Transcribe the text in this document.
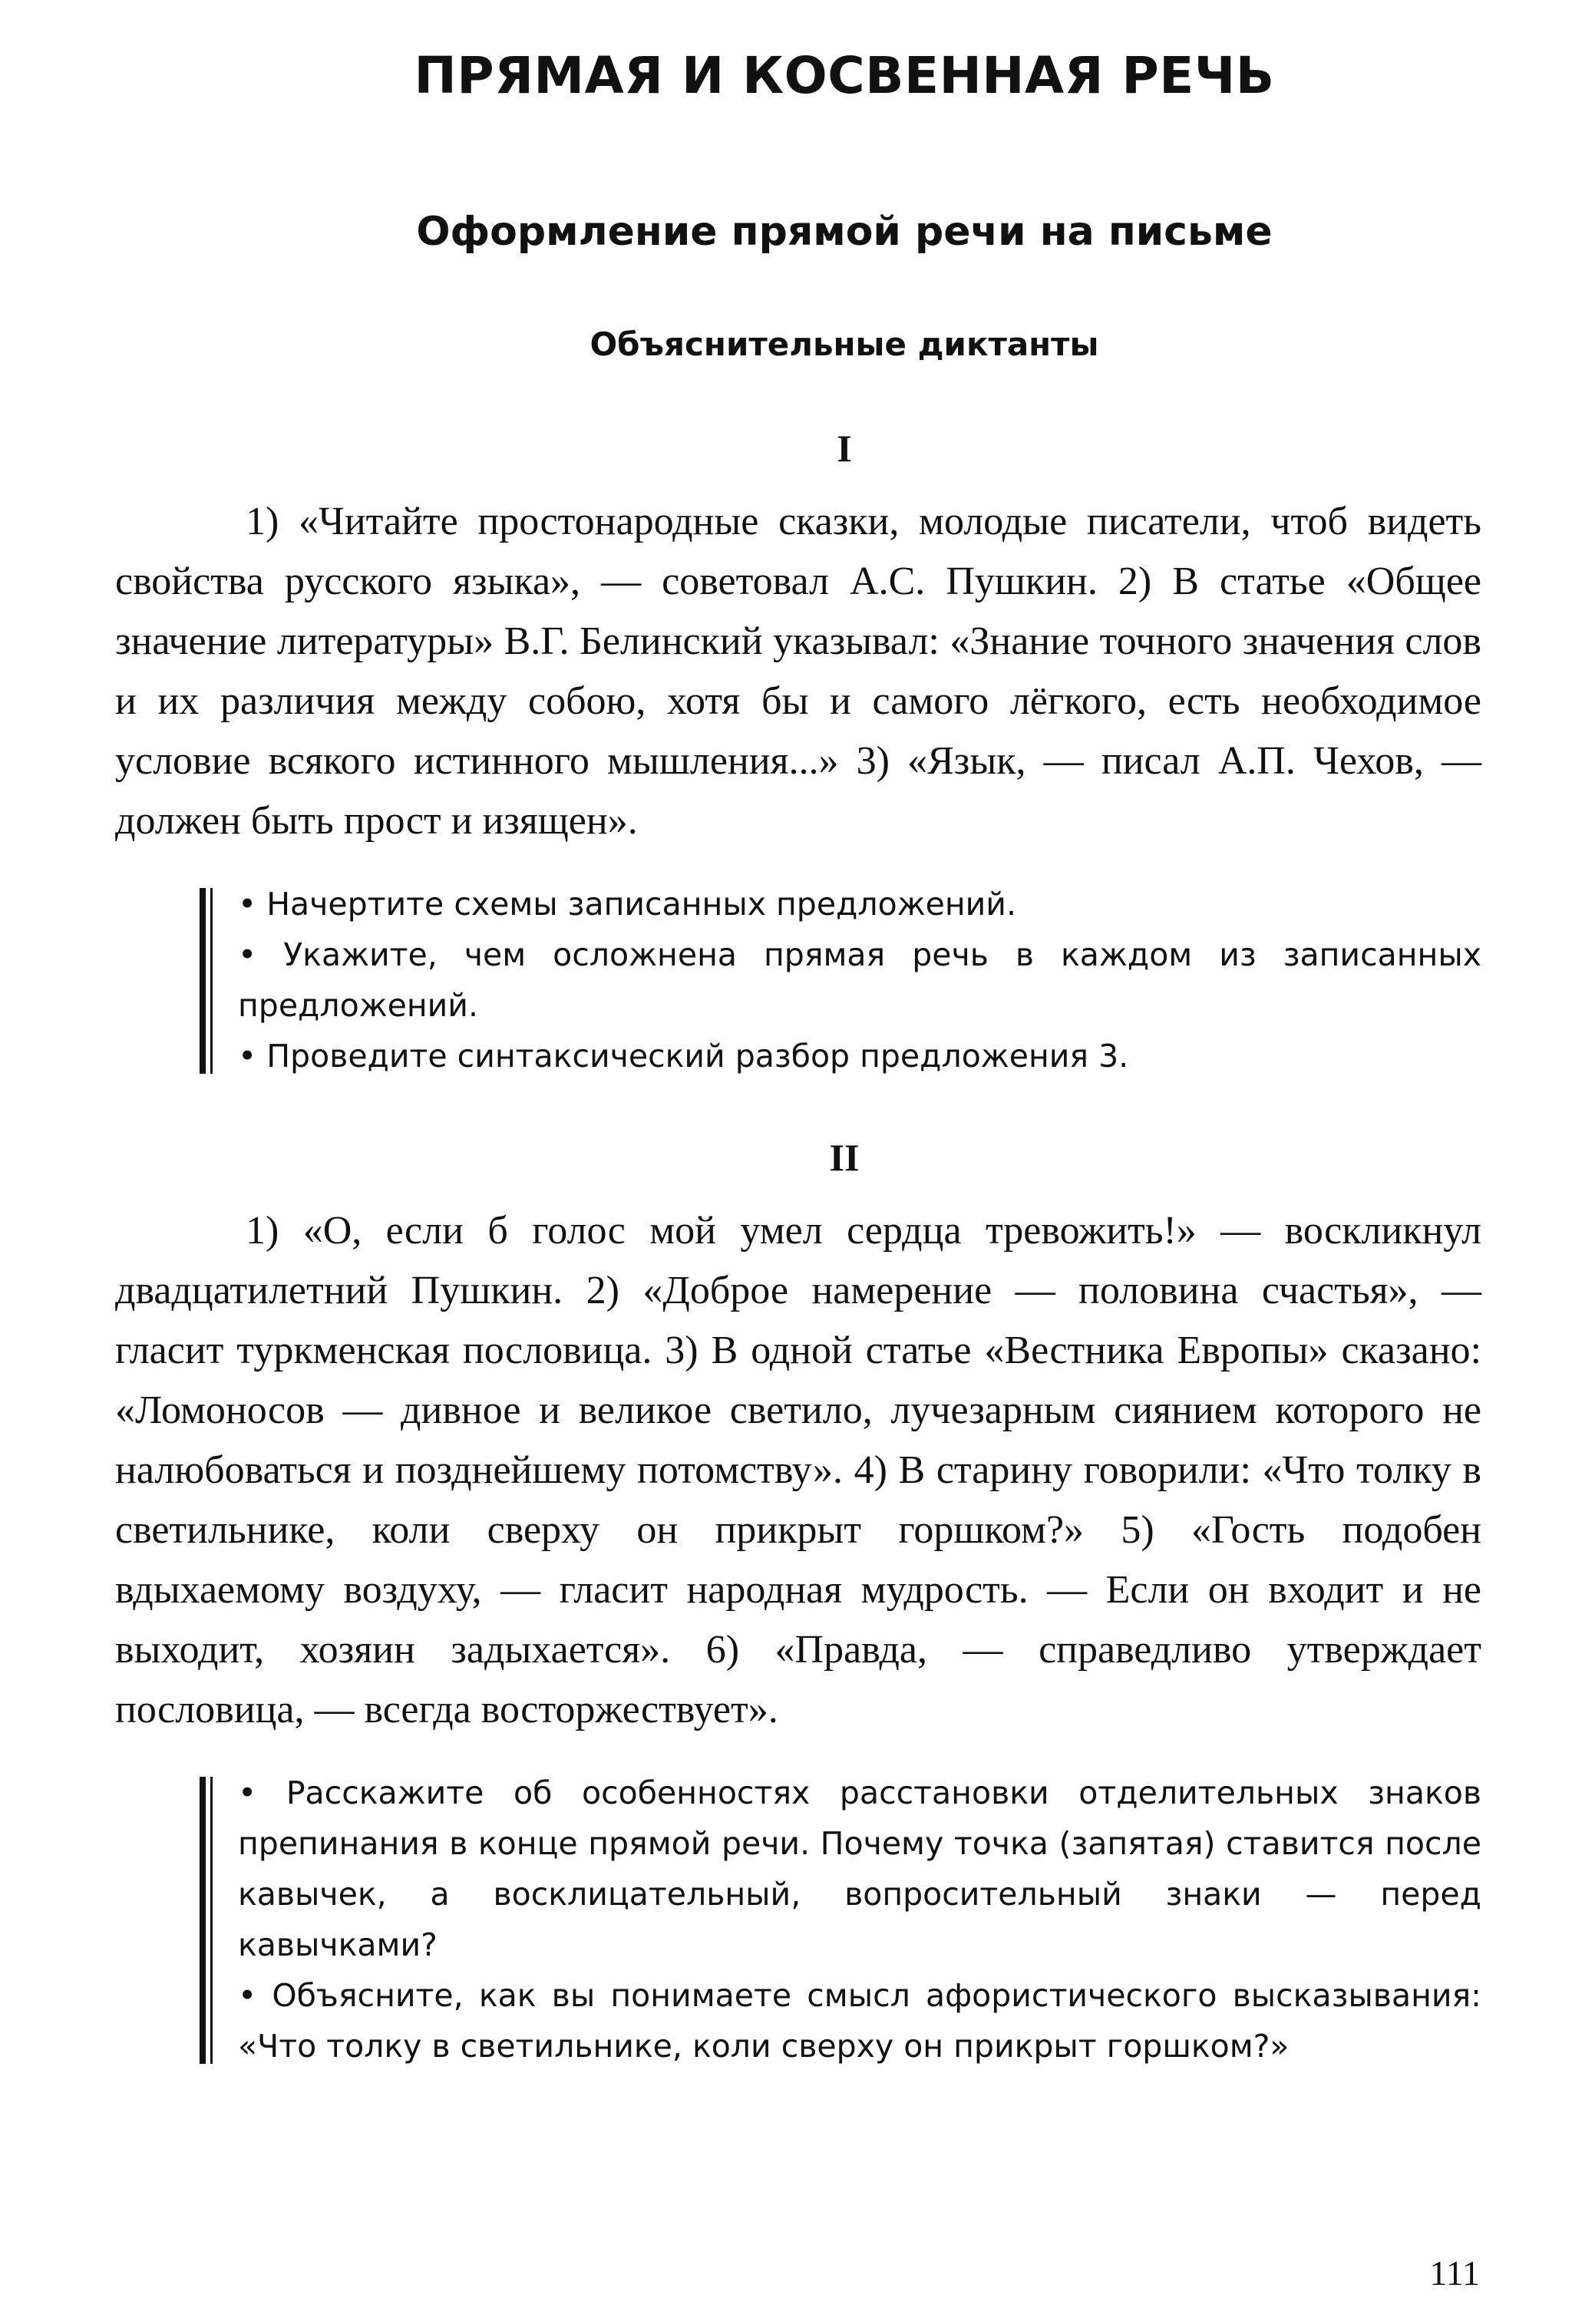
ПРЯМАЯ И КОСВЕННАЯ РЕЧЬ
Оформление прямой речи на письме
Объяснительные диктанты
I

1) «Читайте простонародные сказки, молодые писатели, чтоб видеть свойства русского языка», — советовал А.С. Пушкин. 2) В статье «Общее значение литературы» В.Г. Белинский указывал: «Знание точного значения слов и их различия между собою, хотя бы и самого лёгкого, есть необходимое условие всякого истинного мышления...» 3) «Язык, — писал А.П. Чехов, — должен быть прост и изящен».

• Начертите схемы записанных предложений.

• Укажите, чем осложнена прямая речь в каждом из записанных предложений.

• Проведите синтаксический разбор предложения 3.

II

1) «О, если б голос мой умел сердца тревожить!» — воскликнул двадцатилетний Пушкин. 2) «Доброе намерение — половина счастья», — гласит туркменская пословица. 3) В одной статье «Вестника Европы» сказано: «Ломоносов — дивное и великое светило, лучезарным сиянием которого не налюбоваться и позднейшему потомству». 4) В старину говорили: «Что толку в светильнике, коли сверху он прикрыт горшком?» 5) «Гость подобен вдыхаемому воздуху, — гласит народная мудрость. — Если он входит и не выходит, хозяин задыхается». 6) «Правда, — справедливо утверждает пословица, — всегда восторжествует».

• Расскажите об особенностях расстановки отделительных знаков препинания в конце прямой речи. Почему точка (запятая) ставится после кавычек, а восклицательный, вопросительный знаки — перед кавычками?

• Объясните, как вы понимаете смысл афористического высказывания: «Что толку в светильнике, коли сверху он прикрыт горшком?»

111
